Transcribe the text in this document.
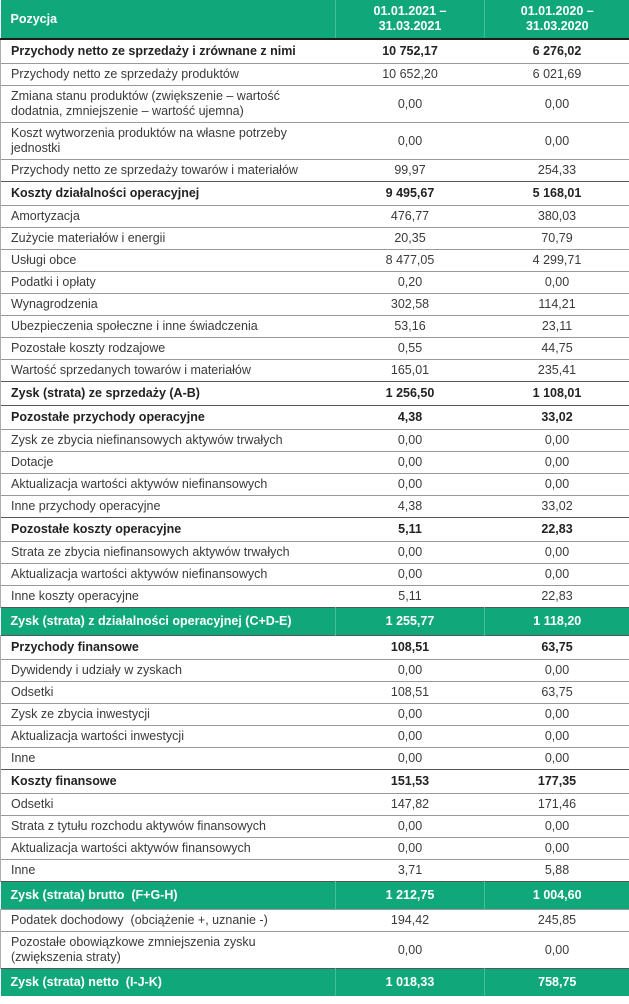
Pozycja	01.01.2021 – 31.03.2021	01.01.2020 – 31.03.2020
Przychody netto ze sprzedaży i zrównane z nimi	10 752,17	6 276,02
Przychody netto ze sprzedaży produktów	10 652,20	6 021,69
Zmiana stanu produktów (zwiększenie – wartość dodatnia, zmniejszenie – wartość ujemna)	0,00	0,00
Koszt wytworzenia produktów na własne potrzeby jednostki	0,00	0,00
Przychody netto ze sprzedaży towarów i materiałów	99,97	254,33
Koszty działalności operacyjnej	9 495,67	5 168,01
Amortyzacja	476,77	380,03
Zużycie materiałów i energii	20,35	70,79
Usługi obce	8 477,05	4 299,71
Podatki i opłaty	0,20	0,00
Wynagrodzenia	302,58	114,21
Ubezpieczenia społeczne i inne świadczenia	53,16	23,11
Pozostałe koszty rodzajowe	0,55	44,75
Wartość sprzedanych towarów i materiałów	165,01	235,41
Zysk (strata) ze sprzedaży (A-B)	1 256,50	1 108,01
Pozostałe przychody operacyjne	4,38	33,02
Zysk ze zbycia niefinansowych aktywów trwałych	0,00	0,00
Dotacje	0,00	0,00
Aktualizacja wartości aktywów niefinansowych	0,00	0,00
Inne przychody operacyjne	4,38	33,02
Pozostałe koszty operacyjne	5,11	22,83
Strata ze zbycia niefinansowych aktywów trwałych	0,00	0,00
Aktualizacja wartości aktywów niefinansowych	0,00	0,00
Inne koszty operacyjne	5,11	22,83
Zysk (strata) z działalności operacyjnej (C+D-E)	1 255,77	1 118,20
Przychody finansowe	108,51	63,75
Dywidendy i udziały w zyskach	0,00	0,00
Odsetki	108,51	63,75
Zysk ze zbycia inwestycji	0,00	0,00
Aktualizacja wartości inwestycji	0,00	0,00
Inne	0,00	0,00
Koszty finansowe	151,53	177,35
Odsetki	147,82	171,46
Strata z tytułu rozchodu aktywów finansowych	0,00	0,00
Aktualizacja wartości aktywów finansowych	0,00	0,00
Inne	3,71	5,88
Zysk (strata) brutto  (F+G-H)	1 212,75	1 004,60
Podatek dochodowy  (obciążenie +, uznanie -)	194,42	245,85
Pozostałe obowiązkowe zmniejszenia zysku (zwiększenia straty)	0,00	0,00
Zysk (strata) netto  (I-J-K)	1 018,33	758,75
